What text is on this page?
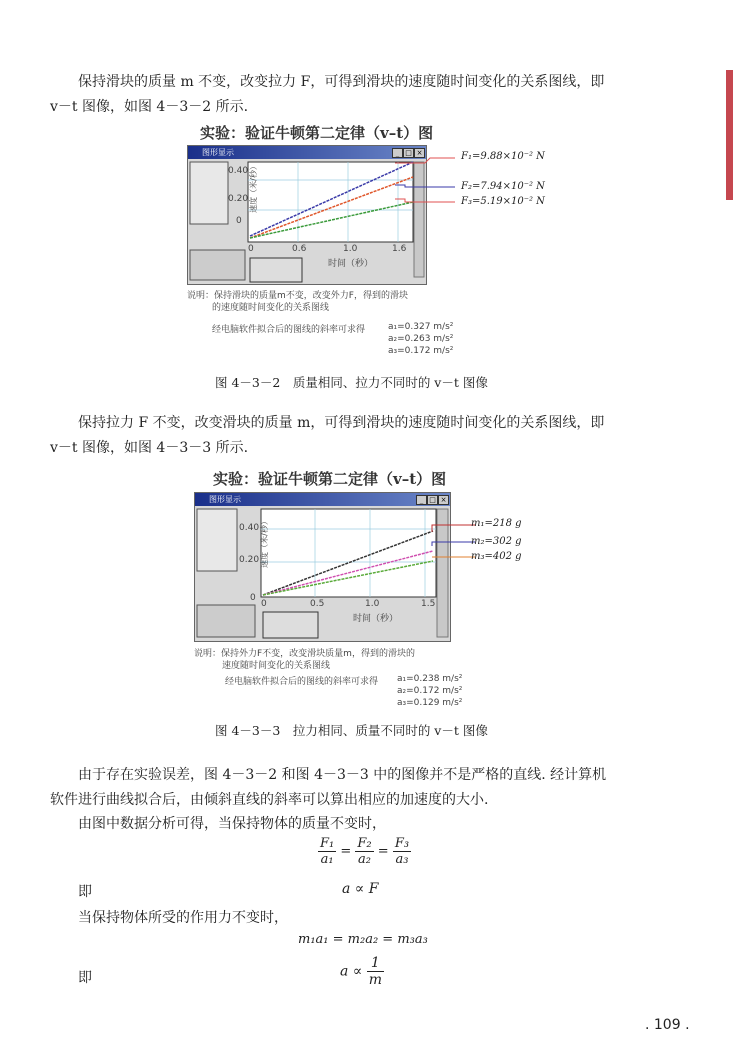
保持滑块的质量 m 不变，改变拉力 F，可得到滑块的速度随时间变化的关系图线，即
v－t 图像，如图 4－3－2 所示.
实验：验证牛顿第二定律（v–t）图
图形显示	_ □ ×
0
0.20
0.40 速度（米/秒）
0	0.6	1.0	1.6
时间（秒）
F₁=9.88×10⁻² N
F₂=7.94×10⁻² N
F₃=5.19×10⁻² N
说明：保持滑块的质量m不变，改变外力F，得到的滑块
的速度随时间变化的关系图线
经电脑软件拟合后的图线的斜率可求得	a₁=0.327 m/s²
a₂=0.263 m/s²
a₃=0.172 m/s²
图 4－3－2　质量相同、拉力不同时的 v－t 图像
保持拉力 F 不变，改变滑块的质量 m，可得到滑块的速度随时间变化的关系图线，即
v－t 图像，如图 4－3－3 所示.
实验：验证牛顿第二定律（v–t）图
图形显示	_ □ ×
0
0.20
0.40 速度（米/秒）
0	0.5	1.0	1.5
时间（秒）
m₁=218 g
m₂=302 g
m₃=402 g
说明：保持外力F不变，改变滑块质量m，得到的滑块的
速度随时间变化的关系图线
经电脑软件拟合后的图线的斜率可求得 a₁=0.238 m/s²
a₂=0.172 m/s²
a₃=0.129 m/s²
图 4－3－3　拉力相同、质量不同时的 v－t 图像
由于存在实验误差，图 4－3－2 和图 4－3－3 中的图像并不是严格的直线. 经计算机
软件进行曲线拟合后，由倾斜直线的斜率可以算出相应的加速度的大小.
由图中数据分析可得，当保持物体的质量不变时，
$\frac{\text{F₁}}{\text{a₁}} = \frac{\text{F₂}}{\text{a₂}} = \frac{\text{F₃}}{\text{a₃}}$
即	a ∝ F
当保持物体所受的作用力不变时，
m₁a₁ = m₂a₂ = m₃a₃
即	$a \propto \frac{1}{m}$
. 109 .
